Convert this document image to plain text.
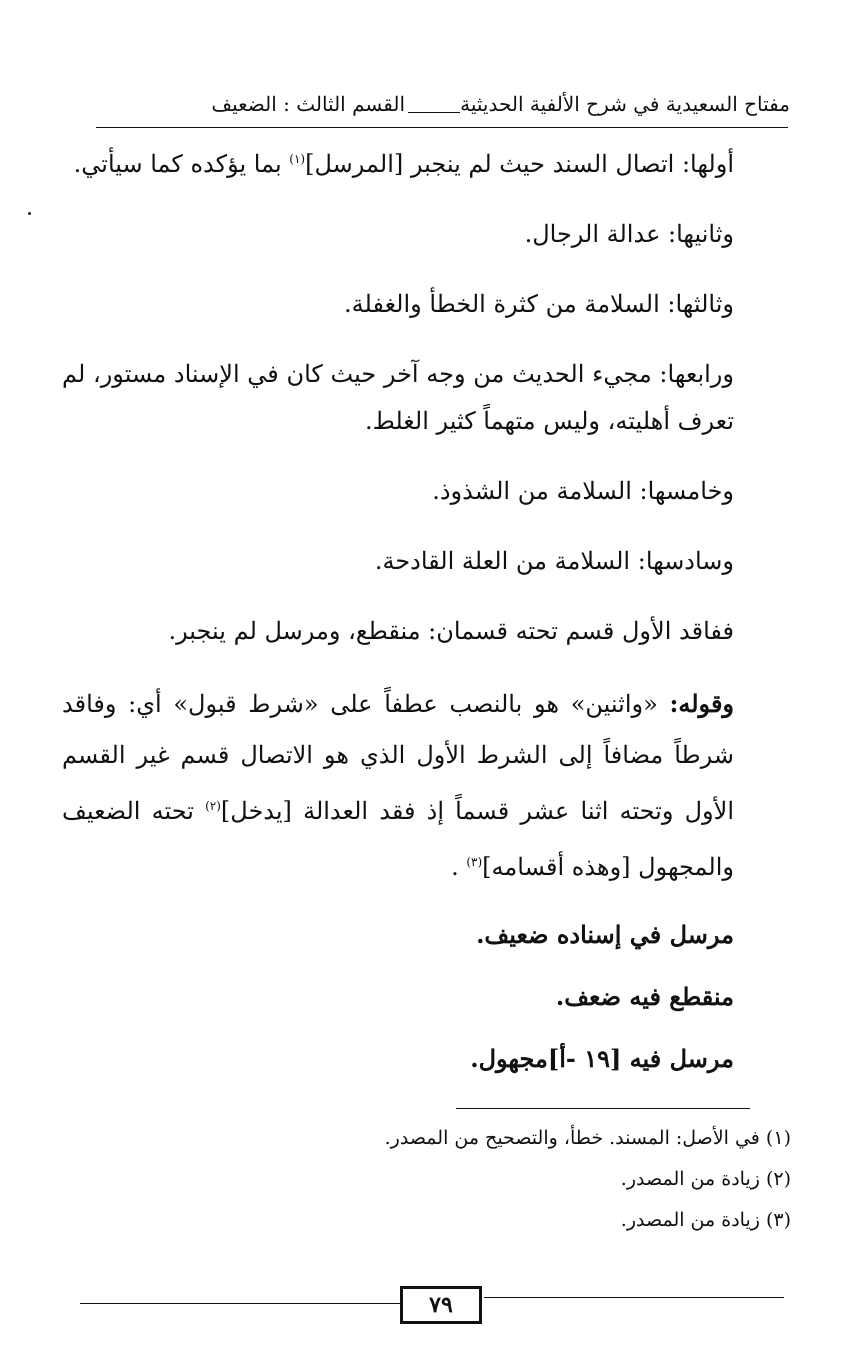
مفتاح السعيدية في شرح الألفية الحديثية
القسم الثالث : الضعيف

أولها: اتصال السند حيث لم ينجبر [المرسل]$^{(١)}$ بما يؤكده كما سيأتي.

وثانيها: عدالة الرجال.

وثالثها: السلامة من كثرة الخطأ والغفلة.

ورابعها: مجيء الحديث من وجه آخر حيث كان في الإسناد مستور، لم تعرف أهليته، وليس متهماً كثير الغلط.

وخامسها: السلامة من الشذوذ.

وسادسها: السلامة من العلة القادحة.

ففاقد الأول قسم تحته قسمان: منقطع، ومرسل لم ينجبر.

وقوله: «واثنين» هو بالنصب عطفاً على «شرط قبول» أي: وفاقد شرطاً مضافاً إلى الشرط الأول الذي هو الاتصال قسم غير القسم الأول وتحته اثنا عشر قسماً إذ فقد العدالة [يدخل]$^{(٢)}$ تحته الضعيف والمجهول [وهذه أقسامه]$^{(٣)}$ .

مرسل في إسناده ضعيف.

منقطع فيه ضعف.

مرسل فيه [١٩ -أ]مجهول.

(١) في الأصل: المسند. خطأ، والتصحيح من المصدر.
(٢) زيادة من المصدر.
(٣) زيادة من المصدر.
٧٩
